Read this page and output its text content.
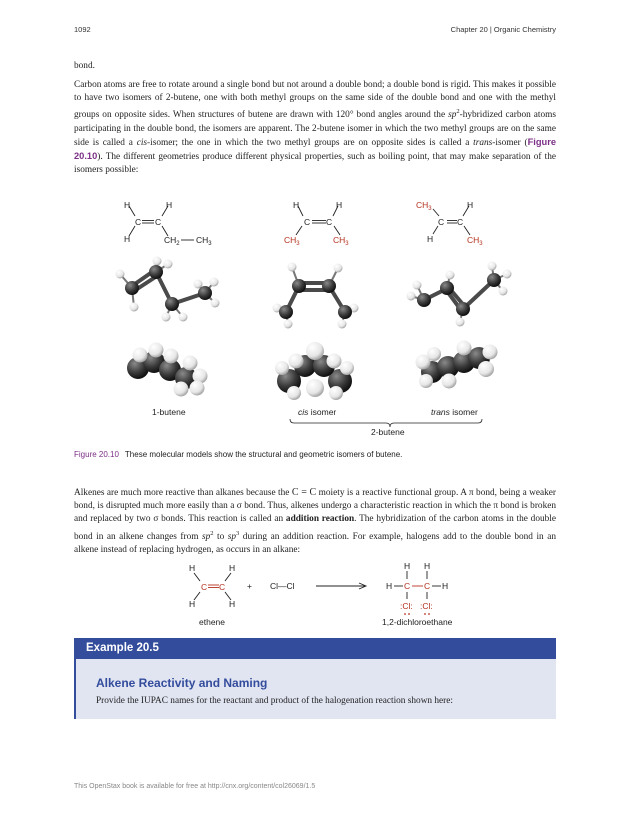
1092	Chapter 20 | Organic Chemistry

bond.

Carbon atoms are free to rotate around a single bond but not around a double bond; a double bond is rigid. This makes it possible to have two isomers of 2-butene, one with both methyl groups on the same side of the double bond and one with the methyl groups on opposite sides. When structures of butene are drawn with 120° bond angles around the $sp^2$-hybridized carbon atoms participating in the double bond, the isomers are apparent. The 2-butene isomer in which the two methyl groups are on the same side is called a cis-isomer; the one in which the two methyl groups are on opposite sides is called a trans-isomer (Figure 20.10). The different geometries produce different physical properties, such as boiling point, that may make separation of the isomers possible:

H
H
H
C C
$CH_2$ $CH_3$
H	H
C C
$CH_3$	$CH_3$
$CH_3$	H
C C
H	$CH_3$
1-butene	cis isomer	trans isomer
2-butene
Figure 20.10 These molecular models show the structural and geometric isomers of butene.

Alkenes are much more reactive than alkanes because the C = C moiety is a reactive functional group. A π bond, being a weaker bond, is disrupted much more easily than a σ bond. Thus, alkenes undergo a characteristic reaction in which the π bond is broken and replaced by two σ bonds. This reaction is called an addition reaction. The hybridization of the carbon atoms in the double bond in an alkene changes from $sp^2$ to $sp^3$ during an addition reaction. For example, halogens add to the double bond in an alkene instead of replacing hydrogen, as occurs in an alkane:

H	H
C C
H	H
+ Cl—Cl	H C C H
H H
:Cl: :Cl:
ethene	1,2-dichloroethane
Example 20.5
Alkene Reactivity and Naming
Provide the IUPAC names for the reactant and product of the halogenation reaction shown here:
This OpenStax book is available for free at http://cnx.org/content/col26069/1.5
